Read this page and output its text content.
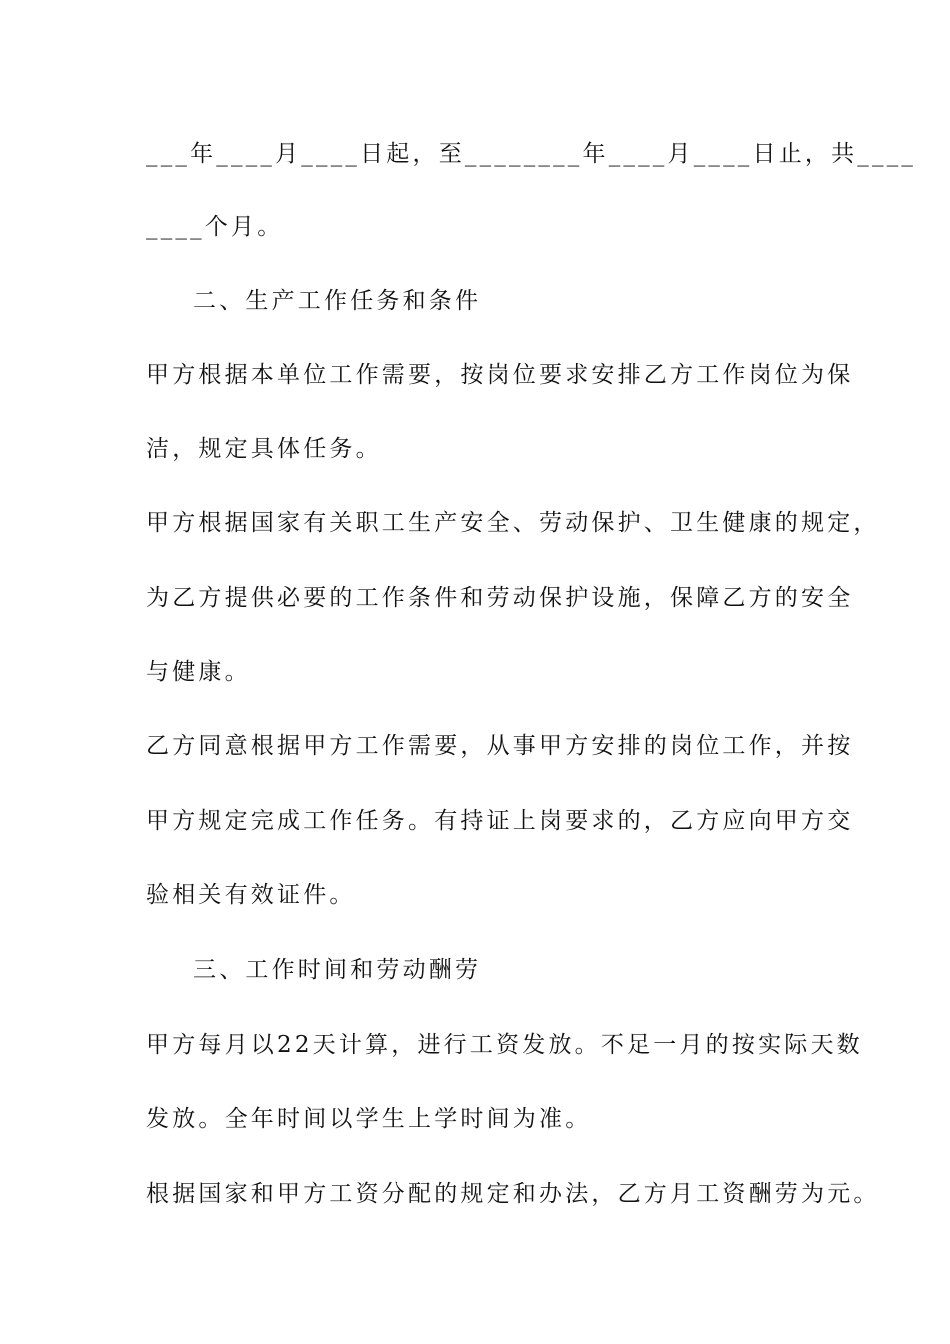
___年____月____日起，至________年____月____日止，共____
____个月。
二、生产工作任务和条件
甲方根据本单位工作需要，按岗位要求安排乙方工作岗位为保
洁，规定具体任务。
甲方根据国家有关职工生产安全、劳动保护、卫生健康的规定，
为乙方提供必要的工作条件和劳动保护设施，保障乙方的安全
与健康。
乙方同意根据甲方工作需要，从事甲方安排的岗位工作，并按
甲方规定完成工作任务。有持证上岗要求的，乙方应向甲方交
验相关有效证件。
三、工作时间和劳动酬劳
甲方每月以22天计算，进行工资发放。不足一月的按实际天数
发放。全年时间以学生上学时间为准。
根据国家和甲方工资分配的规定和办法，乙方月工资酬劳为元。
